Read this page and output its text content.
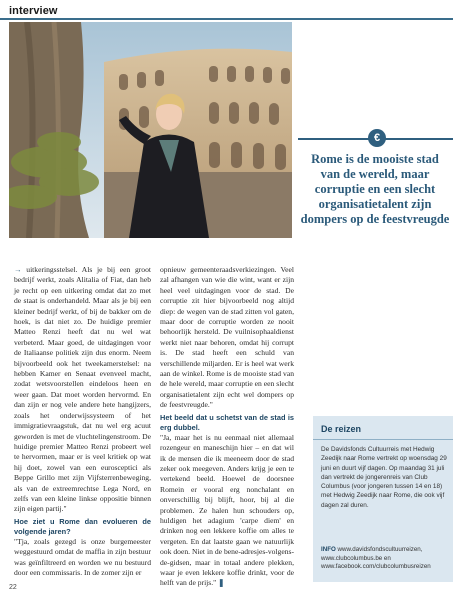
interview
€

Rome is de mooiste stad van de wereld, maar corruptie en een slecht organisatietalent zijn dompers op de feestvreugde

→ uitkeringsstelsel. Als je bij een groot bedrijf werkt, zoals Alitalia of Fiat, dan heb je recht op een uitkering omdat dat zo met de staat is onderhandeld. Maar als je bij een kleiner bedrijf werkt, of bij de bakker om de hoek, is dat niet zo. De huidige premier Matteo Renzi heeft dat nu wel wat verbeterd. Maar goed, de uitdagingen voor de Italiaanse politiek zijn dus enorm. Neem bijvoorbeeld ook het tweekamerstelsel: na hebben Kamer en Senaat evenveel macht, zodat wetsvoorstellen eindeloos heen en weer gaan. Dat moet worden hervormd. En dan zijn er nog vele andere hete hangijzers, zoals het onderwijssysteem of het immigratievraagstuk, dat nu wel erg acuut geworden is met de vluchtelingenstroom. De huidige premier Matteo Renzi probeert wel te hervormen, maar er is veel kritiek op wat hij doet, zowel van een eurosceptici als Beppe Grillo met zijn Vijfsterrenbeweging, als van de extreemrechtse Lega Nord, en zelfs van een kleine linkse oppositie binnen zijn eigen partij."

Hoe ziet u Rome dan evolueren de volgende jaren?

"Tja, zoals gezegd is onze burgemeester weggestuurd omdat de maffia in zijn bestuur was geïnfiltreerd en worden we nu bestuurd door een commissaris. In de zomer zijn er

opnieuw gemeenteraadsverkiezingen. Veel zal afhangen van wie die wint, want er zijn heel veel uitdagingen voor de stad. De corruptie zit hier bijvoorbeeld nog altijd diep: de wegen van de stad zitten vol gaten, maar door de corruptie worden ze nooit behoorlijk hersteld. De vuilnisophaaldienst werkt niet naar behoren, omdat hij corrupt is. De stad heeft een schuld van verschillende miljarden. Er is heel wat werk aan de winkel. Rome is de mooiste stad van de hele wereld, maar corruptie en een slecht organisatietalent zijn echt wel dompers op de feestvreugde."

Het beeld dat u schetst van de stad is erg dubbel.

"Ja, maar het is nu eenmaal niet allemaal rozengeur en maneschijn hier – en dat wil ik de mensen die ik meeneem door de stad zeker ook meegeven. Anders krijg je een te vertekend beeld. Hoewel de doorsnee Romein er vooral erg nonchalant en onverschillig bij blijft, hoor, bij al die problemen. Ze halen hun schouders op, huldigen het adagium 'carpe diem' en drinken nog een lekkere koffie om alles te vergeten. En dat laatste gaan we natuurlijk ook doen. Niet in de bene-adresjes-volgens-de-gidsen, maar in totaal andere plekken, waar je even lekkere koffie drinkt, voor de helft van de prijs." ❚

De reizen

De Davidsfonds Cultuurreis met Hedwig Zeedijk naar Rome vertrekt op woensdag 29 juni en duurt vijf dagen. Op maandag 31 juli dan vertrekt de jongerenreis van Club Columbus (voor jongeren tussen 14 en 18) met Hedwig Zeedijk naar Rome, die ook vijf dagen zal duren.

INFO www.davidsfondscultuurreizen,
www.clubcolumbus.be en
www.facebook.com/clubcolumbusreizen

22
